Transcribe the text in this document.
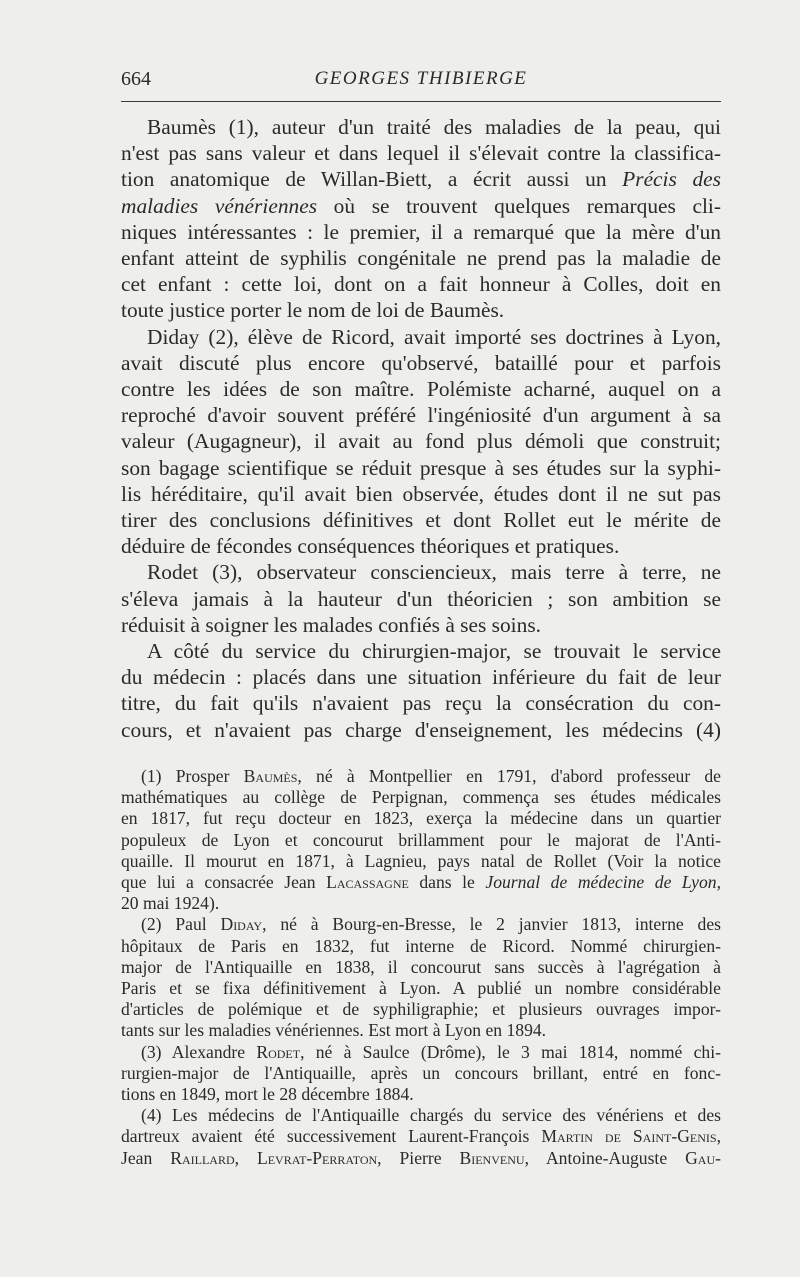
664	GEORGES THIBIERGE
Baumès (1), auteur d'un traité des maladies de la peau, qui
n'est pas sans valeur et dans lequel il s'élevait contre la classifica-
tion anatomique de Willan-Biett, a écrit aussi un Précis des
maladies vénériennes où se trouvent quelques remarques cli-
niques intéressantes : le premier, il a remarqué que la mère d'un
enfant atteint de syphilis congénitale ne prend pas la maladie de
cet enfant : cette loi, dont on a fait honneur à Colles, doit en
toute justice porter le nom de loi de Baumès.
Diday (2), élève de Ricord, avait importé ses doctrines à Lyon,
avait discuté plus encore qu'observé, bataillé pour et parfois
contre les idées de son maître. Polémiste acharné, auquel on a
reproché d'avoir souvent préféré l'ingéniosité d'un argument à sa
valeur (Augagneur), il avait au fond plus démoli que construit;
son bagage scientifique se réduit presque à ses études sur la syphi-
lis héréditaire, qu'il avait bien observée, études dont il ne sut pas
tirer des conclusions définitives et dont Rollet eut le mérite de
déduire de fécondes conséquences théoriques et pratiques.
Rodet (3), observateur consciencieux, mais terre à terre, ne
s'éleva jamais à la hauteur d'un théoricien ; son ambition se
réduisit à soigner les malades confiés à ses soins.
A côté du service du chirurgien-major, se trouvait le service
du médecin : placés dans une situation inférieure du fait de leur
titre, du fait qu'ils n'avaient pas reçu la consécration du con-
cours, et n'avaient pas charge d'enseignement, les médecins (4)
(1) Prosper Baumès, né à Montpellier en 1791, d'abord professeur de
mathématiques au collège de Perpignan, commença ses études médicales
en 1817, fut reçu docteur en 1823, exerça la médecine dans un quartier
populeux de Lyon et concourut brillamment pour le majorat de l'Anti-
quaille. Il mourut en 1871, à Lagnieu, pays natal de Rollet (Voir la notice
que lui a consacrée Jean Lacassagne dans le Journal de médecine de Lyon,
20 mai 1924).
(2) Paul Diday, né à Bourg-en-Bresse, le 2 janvier 1813, interne des
hôpitaux de Paris en 1832, fut interne de Ricord. Nommé chirurgien-
major de l'Antiquaille en 1838, il concourut sans succès à l'agrégation à
Paris et se fixa définitivement à Lyon. A publié un nombre considérable
d'articles de polémique et de syphiligraphie; et plusieurs ouvrages impor-
tants sur les maladies vénériennes. Est mort à Lyon en 1894.
(3) Alexandre Rodet, né à Saulce (Drôme), le 3 mai 1814, nommé chi-
rurgien-major de l'Antiquaille, après un concours brillant, entré en fonc-
tions en 1849, mort le 28 décembre 1884.
(4) Les médecins de l'Antiquaille chargés du service des vénériens et des
dartreux avaient été successivement Laurent-François Martin de Saint-Genis,
Jean Raillard, Levrat-Perraton, Pierre Bienvenu, Antoine-Auguste Gau-
